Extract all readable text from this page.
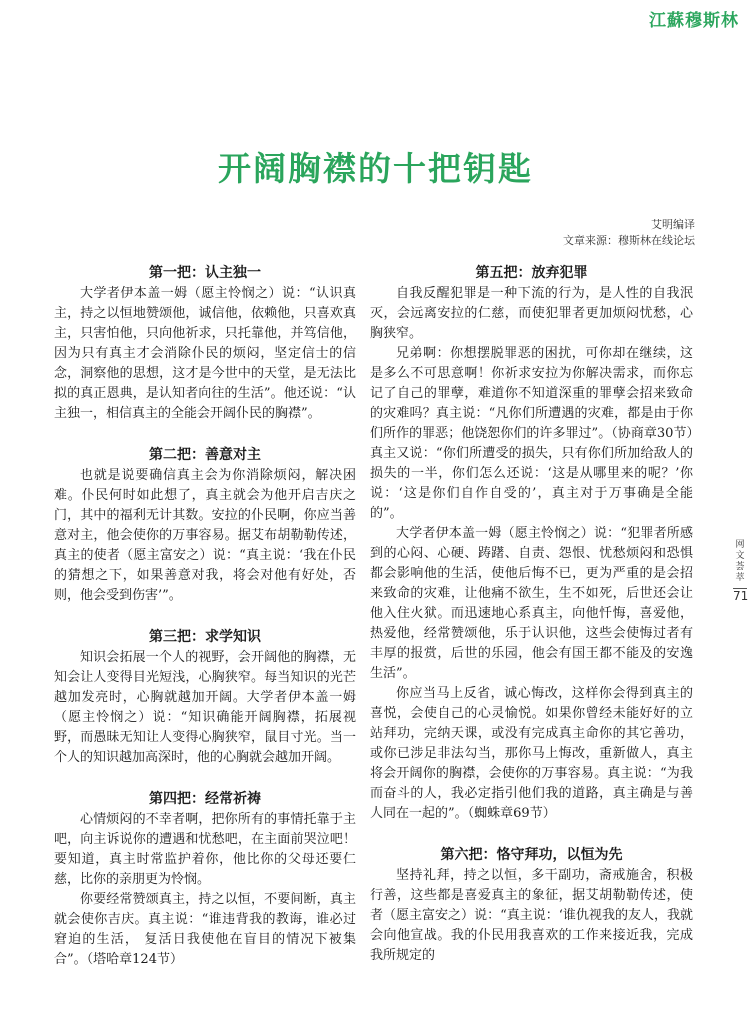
江蘇穆斯林
开阔胸襟的十把钥匙
艾明编译
文章来源：穆斯林在线论坛
第一把：认主独一

大学者伊本盖一姆（愿主怜悯之）说：“认识真主，持之以恒地赞颂他，诚信他，依赖他，只喜欢真主，只害怕他，只向他祈求，只托靠他，并笃信他，因为只有真主才会消除仆民的烦闷，坚定信士的信念，洞察他的思想，这才是今世中的天堂，是无法比拟的真正恩典，是认知者向往的生活”。他还说：“认主独一，相信真主的全能会开阔仆民的胸襟”。

第二把：善意对主

也就是说要确信真主会为你消除烦闷，解决困难。仆民何时如此想了，真主就会为他开启吉庆之门，其中的福利无计其数。安拉的仆民啊，你应当善意对主，他会使你的万事容易。据艾布胡勒勒传述，真主的使者（愿主富安之）说：“真主说：‘我在仆民的猜想之下，如果善意对我，将会对他有好处，否则，他会受到伤害’”。

第三把：求学知识

知识会拓展一个人的视野，会开阔他的胸襟，无知会让人变得目光短浅，心胸狭窄。每当知识的光芒越加发亮时，心胸就越加开阔。大学者伊本盖一姆（愿主怜悯之）说：“知识确能开阔胸襟，拓展视野，而愚昧无知让人变得心胸狭窄，鼠目寸光。当一个人的知识越加高深时，他的心胸就会越加开阔。

第四把：经常祈祷

心情烦闷的不幸者啊，把你所有的事情托靠于主吧，向主诉说你的遭遇和忧愁吧，在主面前哭泣吧！要知道，真主时常监护着你，他比你的父母还要仁慈，比你的亲朋更为怜悯。

你要经常赞颂真主，持之以恒，不要间断，真主就会使你吉庆。真主说：“谁违背我的教诲，谁必过窘迫的生活， 复活日我使他在盲目的情况下被集合”。（塔哈章124节）

第五把：放弃犯罪

自我反醒犯罪是一种下流的行为，是人性的自我泯灭，会远离安拉的仁慈，而使犯罪者更加烦闷忧愁，心胸狭窄。

兄弟啊：你想摆脱罪恶的困扰，可你却在继续，这是多么不可思意啊！你祈求安拉为你解决需求，而你忘记了自己的罪孽，难道你不知道深重的罪孽会招来致命的灾难吗？真主说：“凡你们所遭遇的灾难，都是由于你们所作的罪恶；他饶恕你们的许多罪过”。（协商章30节）真主又说：“你们所遭受的损失，只有你们所加给敌人的损失的一半，你们怎么还说：‘这是从哪里来的呢？’你说：‘这是你们自作自受的’，真主对于万事确是全能的”。

大学者伊本盖一姆（愿主怜悯之）说：“犯罪者所感到的心闷、心硬、踌躇、自责、怨恨、忧愁烦闷和恐惧都会影响他的生活，使他后悔不已，更为严重的是会招来致命的灾难，让他痛不欲生，生不如死，后世还会让他入住火狱。而迅速地心系真主，向他忏悔，喜爱他，热爱他，经常赞颂他，乐于认识他，这些会使悔过者有丰厚的报赏，后世的乐园，他会有国王都不能及的安逸生活”。

你应当马上反省，诚心悔改，这样你会得到真主的喜悦，会使自己的心灵愉悦。如果你曾经未能好好的立站拜功，完纳天课，或没有完成真主命你的其它善功，或你已涉足非法勾当，那你马上悔改，重新做人，真主将会开阔你的胸襟，会使你的万事容易。真主说：“为我而奋斗的人，我必定指引他们我的道路，真主确是与善人同在一起的”。（蜘蛛章69节）

第六把：恪守拜功，以恒为先

坚持礼拜，持之以恒，多干副功，斋戒施舍，积极行善，这些都是喜爱真主的象征，据艾胡勒勒传述，使者（愿主富安之）说：“真主说：‘谁仇视我的友人，我就会向他宣战。我的仆民用我喜欢的工作来接近我，完成我所规定的

网文荟萃
71
